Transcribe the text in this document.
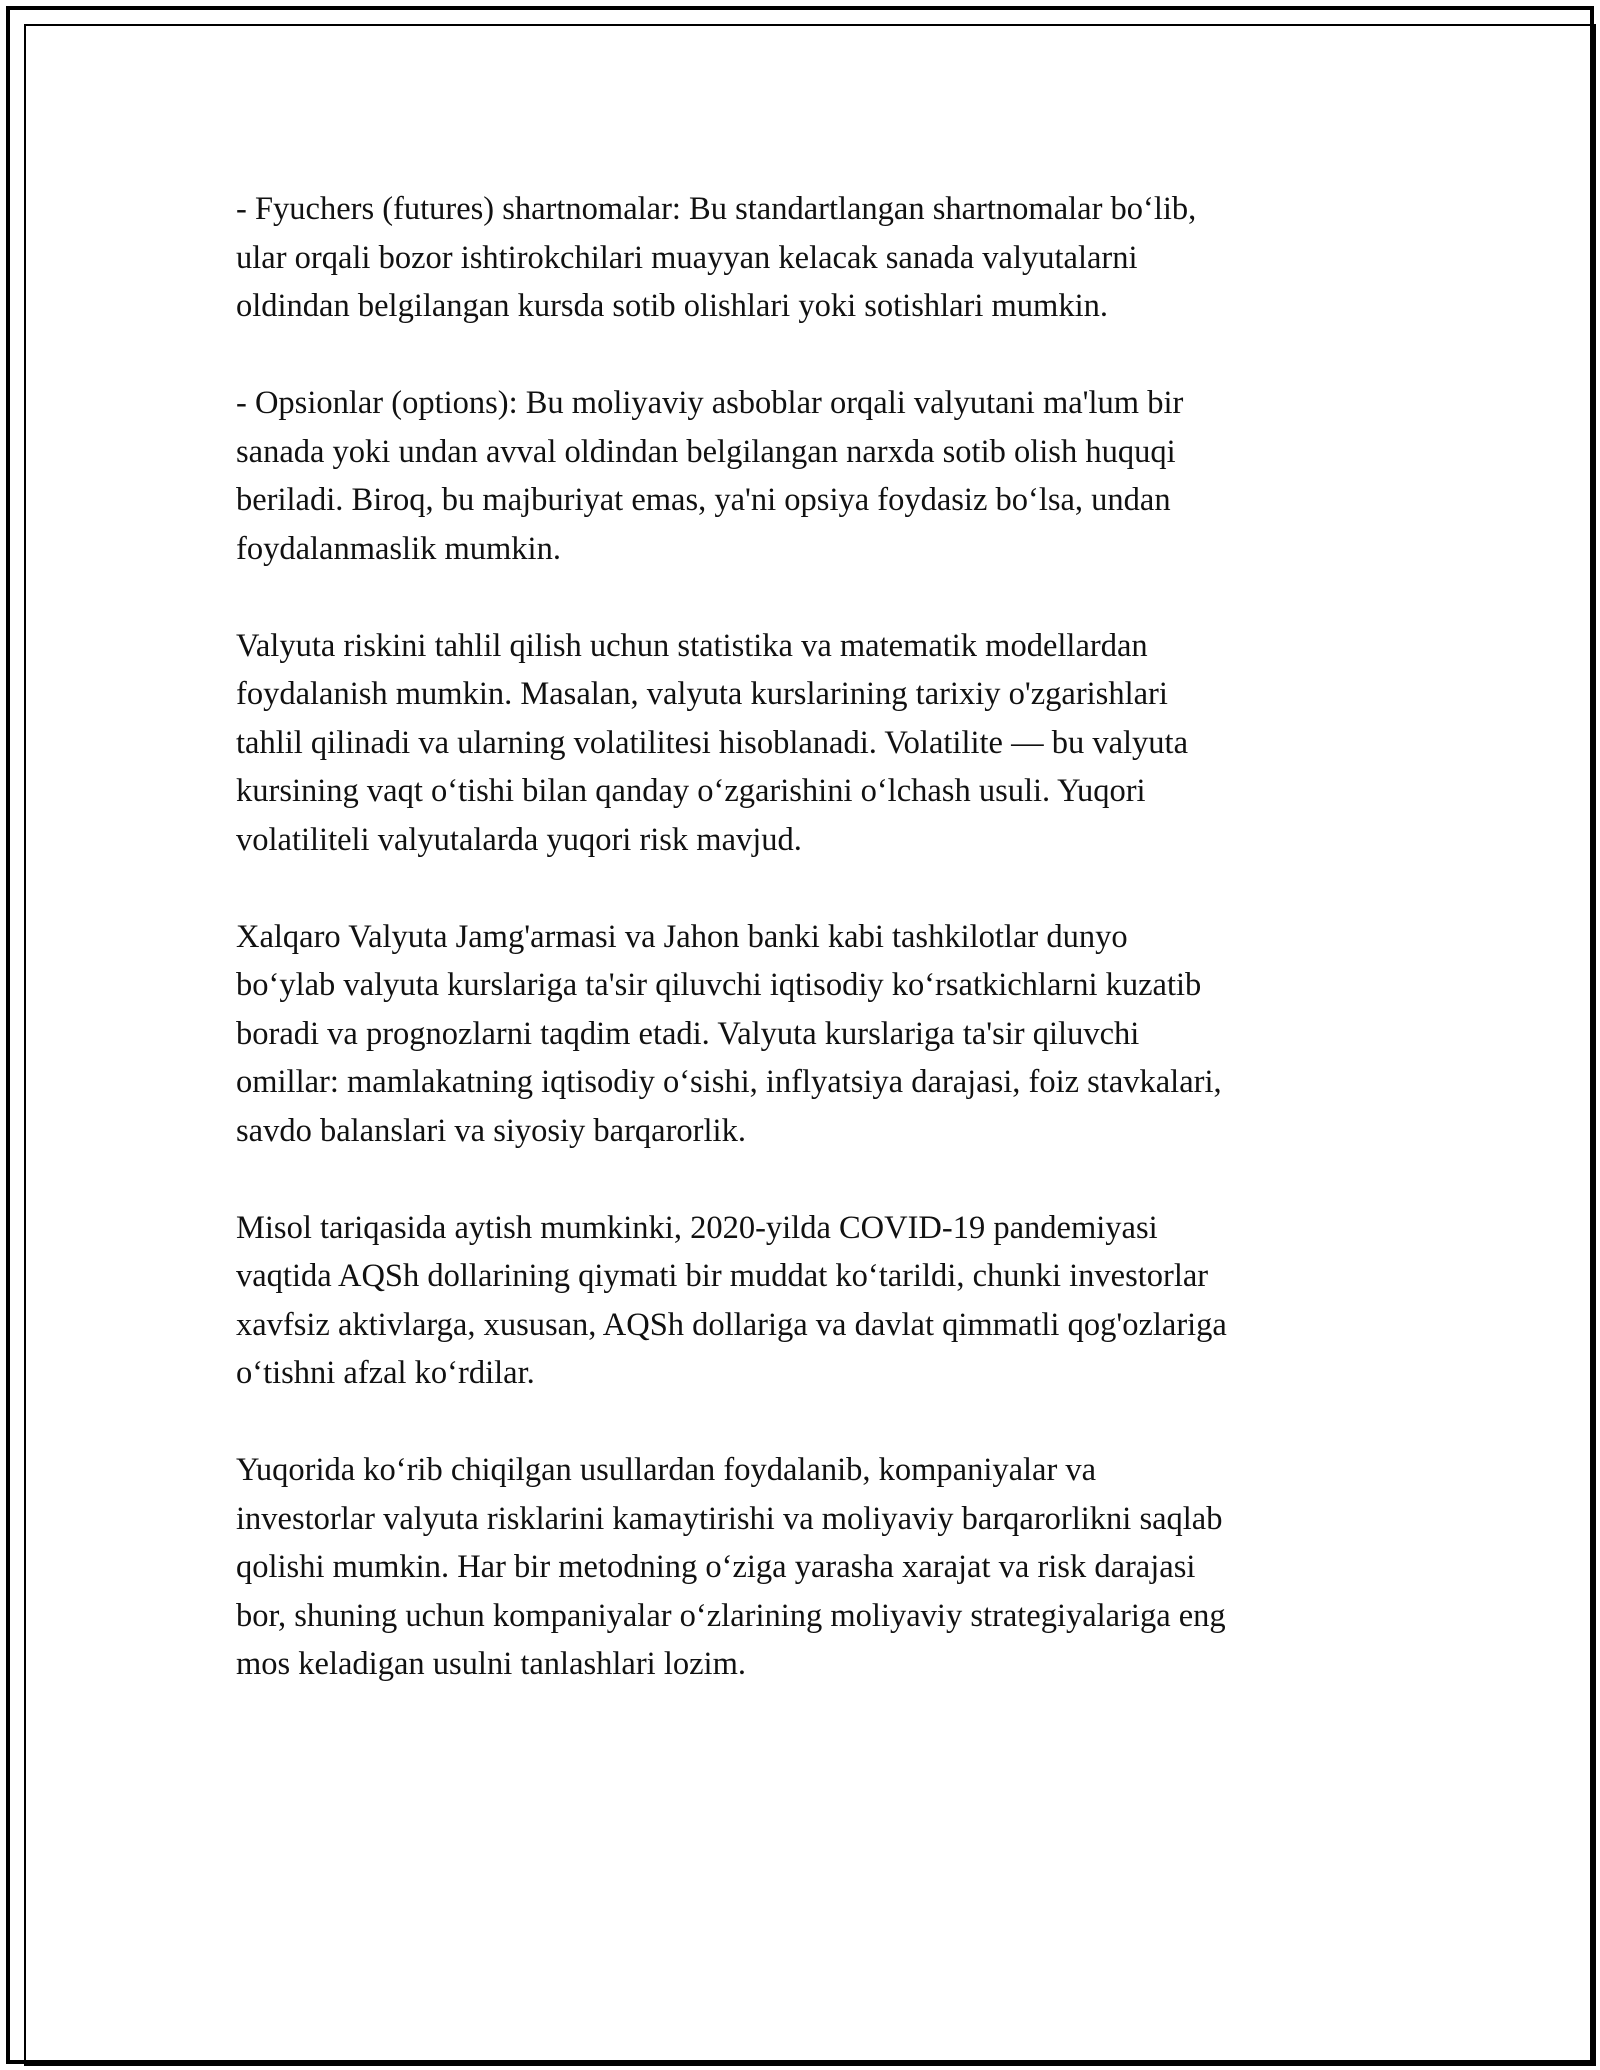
- Fyuchers (futures) shartnomalar: Bu standartlangan shartnomalar bo‘lib,
ular orqali bozor ishtirokchilari muayyan kelacak sanada valyutalarni
oldindan belgilangan kursda sotib olishlari yoki sotishlari mumkin.

- Opsionlar (options): Bu moliyaviy asboblar orqali valyutani ma'lum bir
sanada yoki undan avval oldindan belgilangan narxda sotib olish huquqi
beriladi. Biroq, bu majburiyat emas, ya'ni opsiya foydasiz bo‘lsa, undan
foydalanmaslik mumkin.

Valyuta riskini tahlil qilish uchun statistika va matematik modellardan
foydalanish mumkin. Masalan, valyuta kurslarining tarixiy o'zgarishlari
tahlil qilinadi va ularning volatilitesi hisoblanadi. Volatilite — bu valyuta
kursining vaqt o‘tishi bilan qanday o‘zgarishini o‘lchash usuli. Yuqori
volatiliteli valyutalarda yuqori risk mavjud.

Xalqaro Valyuta Jamg'armasi va Jahon banki kabi tashkilotlar dunyo
bo‘ylab valyuta kurslariga ta'sir qiluvchi iqtisodiy ko‘rsatkichlarni kuzatib
boradi va prognozlarni taqdim etadi. Valyuta kurslariga ta'sir qiluvchi
omillar: mamlakatning iqtisodiy o‘sishi, inflyatsiya darajasi, foiz stavkalari,
savdo balanslari va siyosiy barqarorlik.

Misol tariqasida aytish mumkinki, 2020-yilda COVID-19 pandemiyasi
vaqtida AQSh dollarining qiymati bir muddat ko‘tarildi, chunki investorlar
xavfsiz aktivlarga, xususan, AQSh dollariga va davlat qimmatli qog'ozlariga
o‘tishni afzal ko‘rdilar.

Yuqorida ko‘rib chiqilgan usullardan foydalanib, kompaniyalar va
investorlar valyuta risklarini kamaytirishi va moliyaviy barqarorlikni saqlab
qolishi mumkin. Har bir metodning o‘ziga yarasha xarajat va risk darajasi
bor, shuning uchun kompaniyalar o‘zlarining moliyaviy strategiyalariga eng
mos keladigan usulni tanlashlari lozim.
